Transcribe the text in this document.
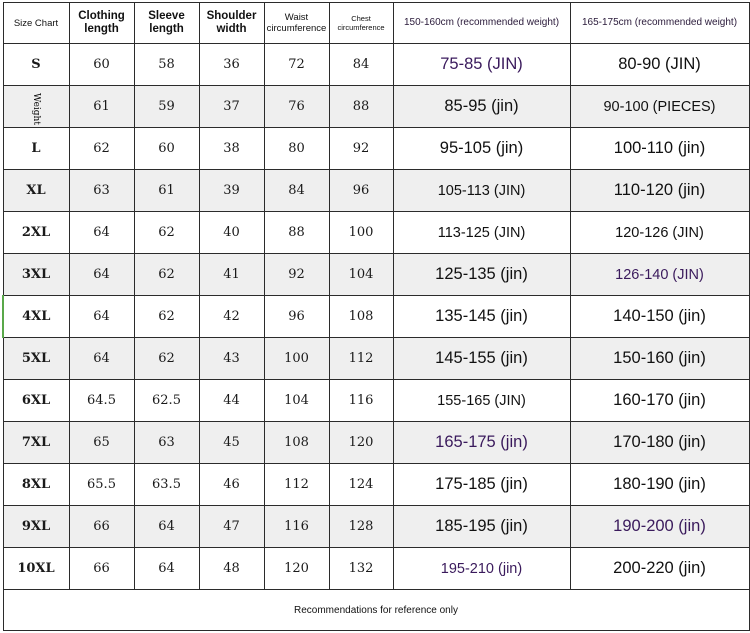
Size Chart	Clothing length	Sleeve length	Shoulder width	Waist circumference	Chest circumference	150-160cm (recommended weight)	165-175cm (recommended weight)
S	60	58	36	72	84	75-85 (JIN)	80-90 (JIN)
Weight	61	59	37	76	88	85-95 (jin)	90-100 (PIECES)
L	62	60	38	80	92	95-105 (jin)	100-110 (jin)
XL	63	61	39	84	96	105-113 (JIN)	110-120 (jin)
2XL	64	62	40	88	100	113-125 (JIN)	120-126 (JIN)
3XL	64	62	41	92	104	125-135 (jin)	126-140 (JIN)
4XL	64	62	42	96	108	135-145 (jin)	140-150 (jin)
5XL	64	62	43	100	112	145-155 (jin)	150-160 (jin)
6XL	64.5	62.5	44	104	116	155-165 (JIN)	160-170 (jin)
7XL	65	63	45	108	120	165-175 (jin)	170-180 (jin)
8XL	65.5	63.5	46	112	124	175-185 (jin)	180-190 (jin)
9XL	66	64	47	116	128	185-195 (jin)	190-200 (jin)
10XL	66	64	48	120	132	195-210 (jin)	200-220 (jin)
Recommendations for reference only							
